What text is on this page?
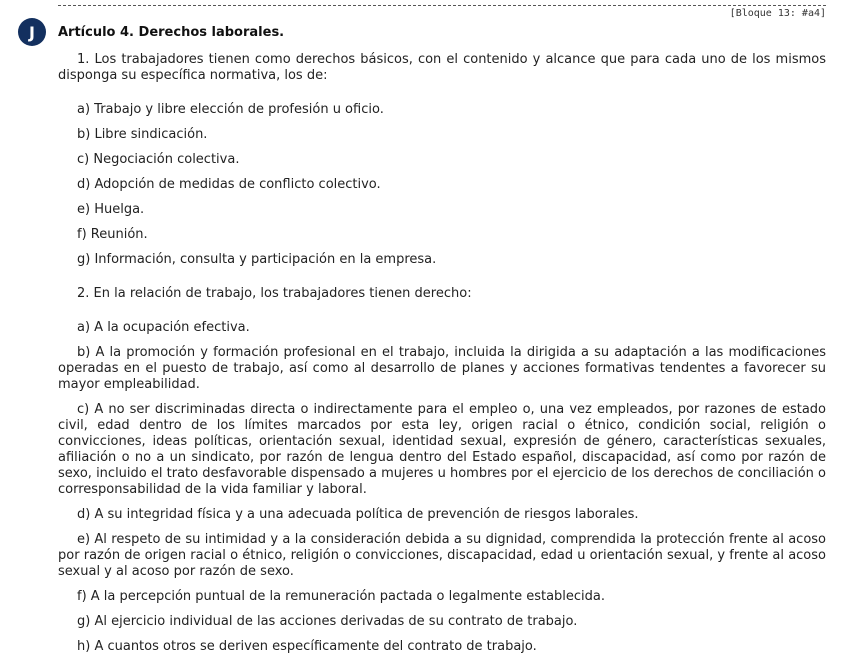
[Bloque 13: #a4]
J	Artículo 4. Derechos laborales.

1. Los trabajadores tienen como derechos básicos, con el contenido y alcance que para cada uno de los mismos disponga su específica normativa, los de:

a) Trabajo y libre elección de profesión u oficio.

b) Libre sindicación.

c) Negociación colectiva.

d) Adopción de medidas de conflicto colectivo.

e) Huelga.

f) Reunión.

g) Información, consulta y participación en la empresa.

2. En la relación de trabajo, los trabajadores tienen derecho:

a) A la ocupación efectiva.

b) A la promoción y formación profesional en el trabajo, incluida la dirigida a su adaptación a las modificaciones operadas en el puesto de trabajo, así como al desarrollo de planes y acciones formativas tendentes a favorecer su mayor empleabilidad.

c) A no ser discriminadas directa o indirectamente para el empleo o, una vez empleados, por razones de estado civil, edad dentro de los límites marcados por esta ley, origen racial o étnico, condición social, religión o convicciones, ideas políticas, orientación sexual, identidad sexual, expresión de género, características sexuales, afiliación o no a un sindicato, por razón de lengua dentro del Estado español, discapacidad, así como por razón de sexo, incluido el trato desfavorable dispensado a mujeres u hombres por el ejercicio de los derechos de conciliación o corresponsabilidad de la vida familiar y laboral.

d) A su integridad física y a una adecuada política de prevención de riesgos laborales.

e) Al respeto de su intimidad y a la consideración debida a su dignidad, comprendida la protección frente al acoso por razón de origen racial o étnico, religión o convicciones, discapacidad, edad u orientación sexual, y frente al acoso sexual y al acoso por razón de sexo.

f) A la percepción puntual de la remuneración pactada o legalmente establecida.

g) Al ejercicio individual de las acciones derivadas de su contrato de trabajo.

h) A cuantos otros se deriven específicamente del contrato de trabajo.
